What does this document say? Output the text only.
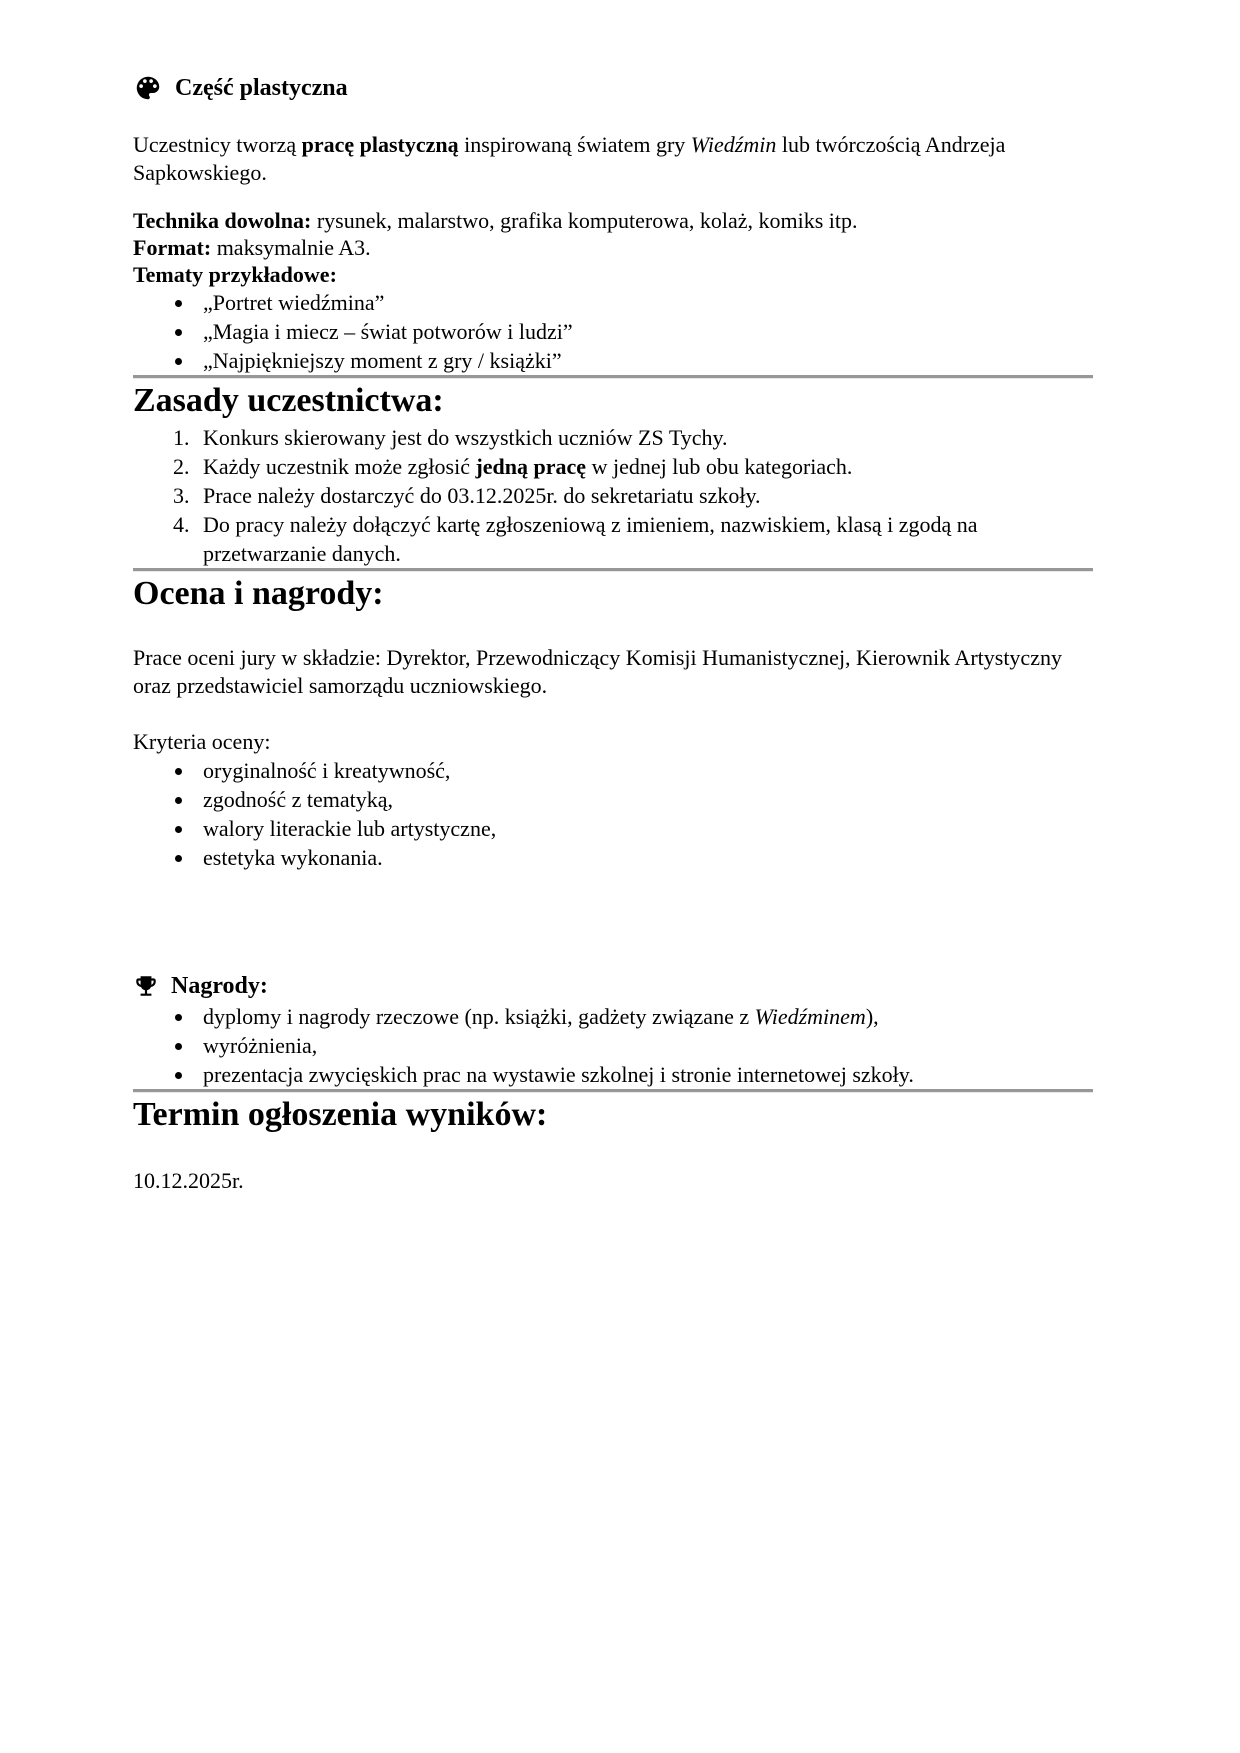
Część plastyczna

Uczestnicy tworzą pracę plastyczną inspirowaną światem gry Wiedźmin lub twórczością Andrzeja Sapkowskiego.

Technika dowolna: rysunek, malarstwo, grafika komputerowa, kolaż, komiks itp.

Format: maksymalnie A3.

Tematy przykładowe:

• „Portret wiedźmina”
• „Magia i miecz – świat potworów i ludzi”
• „Najpiękniejszy moment z gry / książki”
Zasady uczestnictwa:
1. Konkurs skierowany jest do wszystkich uczniów ZS Tychy.
2. Każdy uczestnik może zgłosić jedną pracę w jednej lub obu kategoriach.
3. Prace należy dostarczyć do 03.12.2025r. do sekretariatu szkoły.
4. Do pracy należy dołączyć kartę zgłoszeniową z imieniem, nazwiskiem, klasą i zgodą na przetwarzanie danych.
Ocena i nagrody:

Prace oceni jury w składzie: Dyrektor, Przewodniczący Komisji Humanistycznej, Kierownik Artystyczny oraz przedstawiciel samorządu uczniowskiego.

Kryteria oceny:

• oryginalność i kreatywność,
• zgodność z tematyką,
• walory literackie lub artystyczne,
• estetyka wykonania.
Nagrody:
• dyplomy i nagrody rzeczowe (np. książki, gadżety związane z Wiedźminem),
• wyróżnienia,
• prezentacja zwycięskich prac na wystawie szkolnej i stronie internetowej szkoły.
Termin ogłoszenia wyników:

10.12.2025r.
